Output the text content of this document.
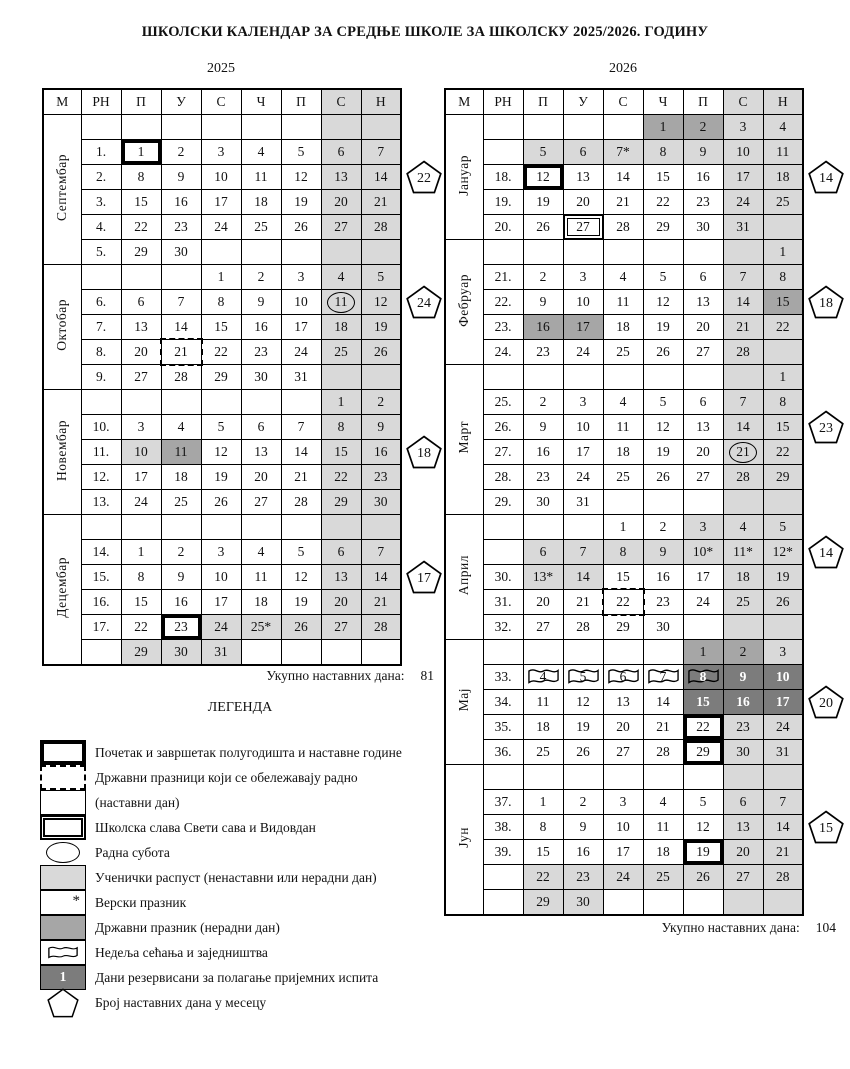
ШКОЛСКИ КАЛЕНДАР ЗА СРЕДЊЕ ШКОЛЕ ЗА ШКОЛСКУ 2025/2026. ГОДИНУ
2025	2026
М	РН	П	У	С	Ч	П	С	Н
Септембар								
	1.	1	2	3	4	5	6	7
	2.	8	9	10	11	12	13	14
	3.	15	16	17	18	19	20	21
	4.	22	23	24	25	26	27	28
	5.	29	30					
Октобар				1	2	3	4	5
	6.	6	7	8	9	10	11	12
	7.	13	14	15	16	17	18	19
	8.	20	21	22	23	24	25	26
	9.	27	28	29	30	31		
Новембар							1	2
	10.	3	4	5	6	7	8	9
	11.	10	11	12	13	14	15	16
	12.	17	18	19	20	21	22	23
	13.	24	25	26	27	28	29	30
Децембар								
	14.	1	2	3	4	5	6	7
	15.	8	9	10	11	12	13	14
	16.	15	16	17	18	19	20	21
	17.	22	23	24	25*	26	27	28
		29	30	31				
22
24
18
17
М	РН	П	У	С	Ч	П	С	Н
Јануар					1	2	3	4
		5	6	7*	8	9	10	11
	18.	12	13	14	15	16	17	18
	19.	19	20	21	22	23	24	25
	20.	26	27	28	29	30	31	
Фебруар								1
	21.	2	3	4	5	6	7	8
	22.	9	10	11	12	13	14	15
	23.	16	17	18	19	20	21	22
	24.	23	24	25	26	27	28	
Март								1
	25.	2	3	4	5	6	7	8
	26.	9	10	11	12	13	14	15
	27.	16	17	18	19	20	21	22
	28.	23	24	25	26	27	28	29
	29.	30	31					
Април				1	2	3	4	5
		6	7	8	9	10*	11*	12*
	30.	13*	14	15	16	17	18	19
	31.	20	21	22	23	24	25	26
	32.	27	28	29	30			
Мај						1	2	3
	33.	4	5	6	7	8	9	10
	34.	11	12	13	14	15	16	17
	35.	18	19	20	21	22	23	24
	36.	25	26	27	28	29	30	31
Јун								
	37.	1	2	3	4	5	6	7
	38.	8	9	10	11	12	13	14
	39.	15	16	17	18	19	20	21
		22	23	24	25	26	27	28
		29	30					
14
18
23
14
20
15
Укупно наставних дана: 81
Укупно наставних дана: 104
ЛЕГЕНДА
Почетак и завршетак полугодишта и наставне године
Државни празници који се обележавају радно
(наставни дан)
Школска слава Свети сава и Видовдан
Радна субота
Ученички распуст (ненаставни или нерадни дан)
*	Верски празник
Државни празник (нерадни дан)
Недеља сећања и заједништва
1	Дани резервисани за полагање пријемних испита
Број наставних дана у месецу
